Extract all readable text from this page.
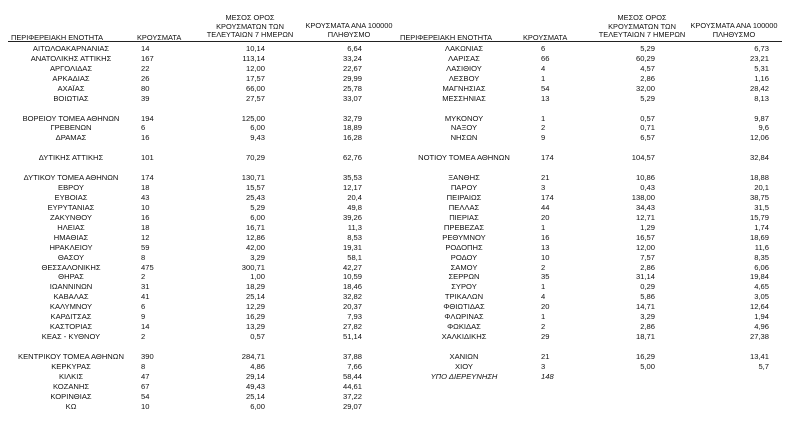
ΠΕΡΙΦΕΡΕΙΑΚΗ ΕΝΟΤΗΤΑ	ΚΡΟΥΣΜΑΤΑ
ΜΕΣΟΣ ΟΡΟΣ
ΚΡΟΥΣΜΑΤΩΝ ΤΩΝ
ΤΕΛΕΥΤΑΙΩΝ 7 ΗΜΕΡΩΝ
ΚΡΟΥΣΜΑΤΑ ΑΝΑ 100000
ΠΛΗΘΥΣΜΟ	ΠΕΡΙΦΕΡΕΙΑΚΗ ΕΝΟΤΗΤΑ	ΚΡΟΥΣΜΑΤΑ
ΜΕΣΟΣ ΟΡΟΣ
ΚΡΟΥΣΜΑΤΩΝ ΤΩΝ
ΤΕΛΕΥΤΑΙΩΝ 7 ΗΜΕΡΩΝ
ΚΡΟΥΣΜΑΤΑ ΑΝΑ 100000
ΠΛΗΘΥΣΜΟ
ΑΙΤΩΛΟΑΚΑΡΝΑΝΙΑΣ	14	10,14	6,64
ΑΝΑΤΟΛΙΚΗΣ ΑΤΤΙΚΗΣ	167	113,14	33,24
ΑΡΓΟΛΙΔΑΣ	22	12,00	22,67
ΑΡΚΑΔΙΑΣ	26	17,57	29,99
ΑΧΑΪΑΣ	80	66,00	25,78
ΒΟΙΩΤΙΑΣ	39	27,57	33,07
ΒΟΡΕΙΟΥ ΤΟΜΕΑ ΑΘΗΝΩΝ	194	125,00	32,79
ΓΡΕΒΕΝΩΝ	6	6,00	18,89
ΔΡΑΜΑΣ	16	9,43	16,28
ΔΥΤΙΚΗΣ ΑΤΤΙΚΗΣ	101	70,29	62,76
ΔΥΤΙΚΟΥ ΤΟΜΕΑ ΑΘΗΝΩΝ	174	130,71	35,53
ΕΒΡΟΥ	18	15,57	12,17
ΕΥΒΟΙΑΣ	43	25,43	20,4
ΕΥΡΥΤΑΝΙΑΣ	10	5,29	49,8
ΖΑΚΥΝΘΟΥ	16	6,00	39,26
ΗΛΕΙΑΣ	18	16,71	11,3
ΗΜΑΘΙΑΣ	12	12,86	8,53
ΗΡΑΚΛΕΙΟΥ	59	42,00	19,31
ΘΑΣΟΥ	8	3,29	58,1
ΘΕΣΣΑΛΟΝΙΚΗΣ	475	300,71	42,27
ΘΗΡΑΣ	2	1,00	10,59
ΙΩΑΝΝΙΝΩΝ	31	18,29	18,46
ΚΑΒΑΛΑΣ	41	25,14	32,82
ΚΑΛΥΜΝΟΥ	6	12,29	20,37
ΚΑΡΔΙΤΣΑΣ	9	16,29	7,93
ΚΑΣΤΟΡΙΑΣ	14	13,29	27,82
ΚΕΑΣ - ΚΥΘΝΟΥ	2	0,57	51,14
ΚΕΝΤΡΙΚΟΥ ΤΟΜΕΑ ΑΘΗΝΩΝ	390	284,71	37,88
ΚΕΡΚΥΡΑΣ	8	4,86	7,66
ΚΙΛΚΙΣ	47	29,14	58,44
ΚΟΖΑΝΗΣ	67	49,43	44,61
ΚΟΡΙΝΘΙΑΣ	54	25,14	37,22
ΚΩ	10	6,00	29,07
ΛΑΚΩΝΙΑΣ	6	5,29	6,73
ΛΑΡΙΣΑΣ	66	60,29	23,21
ΛΑΣΙΘΙΟΥ	4	4,57	5,31
ΛΕΣΒΟΥ	1	2,86	1,16
ΜΑΓΝΗΣΙΑΣ	54	32,00	28,42
ΜΕΣΣΗΝΙΑΣ	13	5,29	8,13
ΜΥΚΟΝΟΥ	1	0,57	9,87
ΝΑΞΟΥ	2	0,71	9,6
ΝΗΣΩΝ	9	6,57	12,06
ΝΟΤΙΟΥ ΤΟΜΕΑ ΑΘΗΝΩΝ	174	104,57	32,84
ΞΑΝΘΗΣ	21	10,86	18,88
ΠΑΡΟΥ	3	0,43	20,1
ΠΕΙΡΑΙΩΣ	174	138,00	38,75
ΠΕΛΛΑΣ	44	34,43	31,5
ΠΙΕΡΙΑΣ	20	12,71	15,79
ΠΡΕΒΕΖΑΣ	1	1,29	1,74
ΡΕΘΥΜΝΟΥ	16	16,57	18,69
ΡΟΔΟΠΗΣ	13	12,00	11,6
ΡΟΔΟΥ	10	7,57	8,35
ΣΑΜΟΥ	2	2,86	6,06
ΣΕΡΡΩΝ	35	31,14	19,84
ΣΥΡΟΥ	1	0,29	4,65
ΤΡΙΚΑΛΩΝ	4	5,86	3,05
ΦΘΙΩΤΙΔΑΣ	20	14,71	12,64
ΦΛΩΡΙΝΑΣ	1	3,29	1,94
ΦΩΚΙΔΑΣ	2	2,86	4,96
ΧΑΛΚΙΔΙΚΗΣ	29	18,71	27,38
ΧΑΝΙΩΝ	21	16,29	13,41
ΧΙΟΥ	3	5,00	5,7
ΥΠΟ ΔΙΕΡΕΥΝΗΣΗ	148
